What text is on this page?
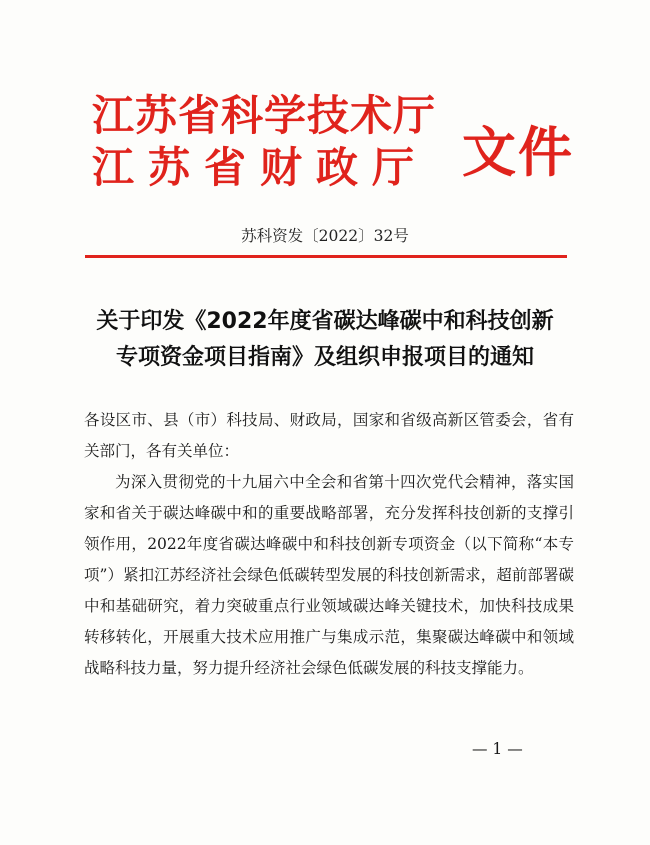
江苏省科学技术厅
江苏省财政厅 文件
苏科资发〔2022〕32号
关于印发《2022年度省碳达峰碳中和科技创新
专项资金项目指南》及组织申报项目的通知

各设区市、县（市）科技局、财政局，国家和省级高新区管委会，省有关部门，各有关单位：

为深入贯彻党的十九届六中全会和省第十四次党代会精神，落实国家和省关于碳达峰碳中和的重要战略部署，充分发挥科技创新的支撑引领作用，2022年度省碳达峰碳中和科技创新专项资金（以下简称“本专项”）紧扣江苏经济社会绿色低碳转型发展的科技创新需求，超前部署碳中和基础研究，着力突破重点行业领域碳达峰关键技术，加快科技成果转移转化，开展重大技术应用推广与集成示范，集聚碳达峰碳中和领域战略科技力量，努力提升经济社会绿色低碳发展的科技支撑能力。

— 1 —
